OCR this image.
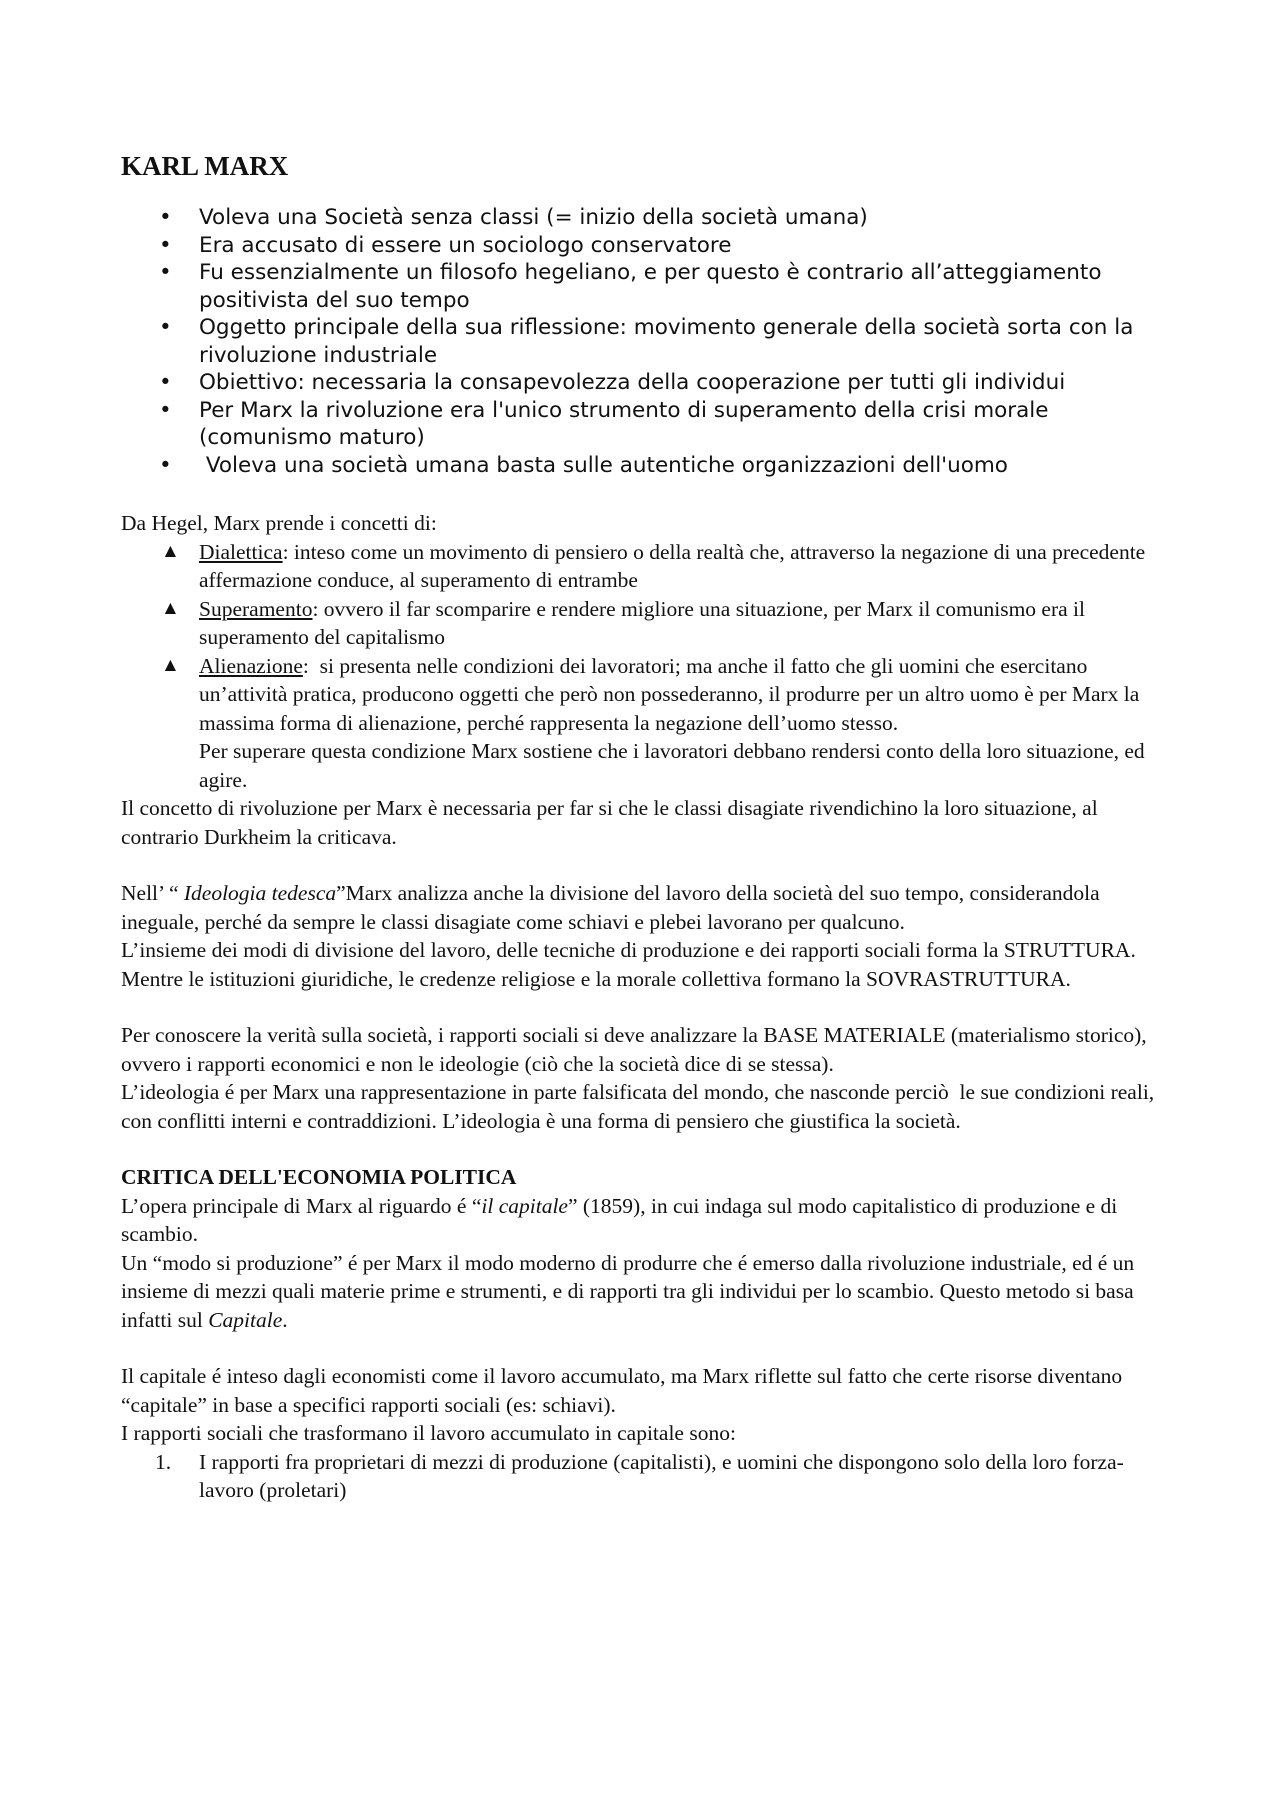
KARL MARX
• Voleva una Società senza classi (= inizio della società umana)
• Era accusato di essere un sociologo conservatore
• Fu essenzialmente un filosofo hegeliano, e per questo è contrario all’atteggiamento positivista del suo tempo
• Oggetto principale della sua riflessione: movimento generale della società sorta con la rivoluzione industriale
• Obiettivo: necessaria la consapevolezza della cooperazione per tutti gli individui
• Per Marx la rivoluzione era l'unico strumento di superamento della crisi morale (comunismo maturo)
• Voleva una società umana basta sulle autentiche organizzazioni dell'uomo

Da Hegel, Marx prende i concetti di:

▲ Dialettica: inteso come un movimento di pensiero o della realtà che, attraverso la negazione di una precedente affermazione conduce, al superamento di entrambe
▲ Superamento: ovvero il far scomparire e rendere migliore una situazione, per Marx il comunismo era il superamento del capitalismo
▲ Alienazione:  si presenta nelle condizioni dei lavoratori; ma anche il fatto che gli uomini che esercitano un’attività pratica, producono oggetti che però non possederanno, il produrre per un altro uomo è per Marx la massima forma di alienazione, perché rappresenta la negazione dell’uomo stesso.
Per superare questa condizione Marx sostiene che i lavoratori debbano rendersi conto della loro situazione, ed agire.

Il concetto di rivoluzione per Marx è necessaria per far si che le classi disagiate rivendichino la loro situazione, al contrario Durkheim la criticava.

Nell’ “ Ideologia tedesca”Marx analizza anche la divisione del lavoro della società del suo tempo, considerandola ineguale, perché da sempre le classi disagiate come schiavi e plebei lavorano per qualcuno.

L’insieme dei modi di divisione del lavoro, delle tecniche di produzione e dei rapporti sociali forma la STRUTTURA. Mentre le istituzioni giuridiche, le credenze religiose e la morale collettiva formano la SOVRASTRUTTURA.

Per conoscere la verità sulla società, i rapporti sociali si deve analizzare la BASE MATERIALE (materialismo storico), ovvero i rapporti economici e non le ideologie (ciò che la società dice di se stessa).

L’ideologia é per Marx una rappresentazione in parte falsificata del mondo, che nasconde perciò  le sue condizioni reali, con conflitti interni e contraddizioni. L’ideologia è una forma di pensiero che giustifica la società.

CRITICA DELL'ECONOMIA POLITICA

L’opera principale di Marx al riguardo é “il capitale” (1859), in cui indaga sul modo capitalistico di produzione e di scambio.

Un “modo si produzione” é per Marx il modo moderno di produrre che é emerso dalla rivoluzione industriale, ed é un insieme di mezzi quali materie prime e strumenti, e di rapporti tra gli individui per lo scambio. Questo metodo si basa infatti sul Capitale.

Il capitale é inteso dagli economisti come il lavoro accumulato, ma Marx riflette sul fatto che certe risorse diventano “capitale” in base a specifici rapporti sociali (es: schiavi).

I rapporti sociali che trasformano il lavoro accumulato in capitale sono:

1. I rapporti fra proprietari di mezzi di produzione (capitalisti), e uomini che dispongono solo della loro forza-lavoro (proletari)
